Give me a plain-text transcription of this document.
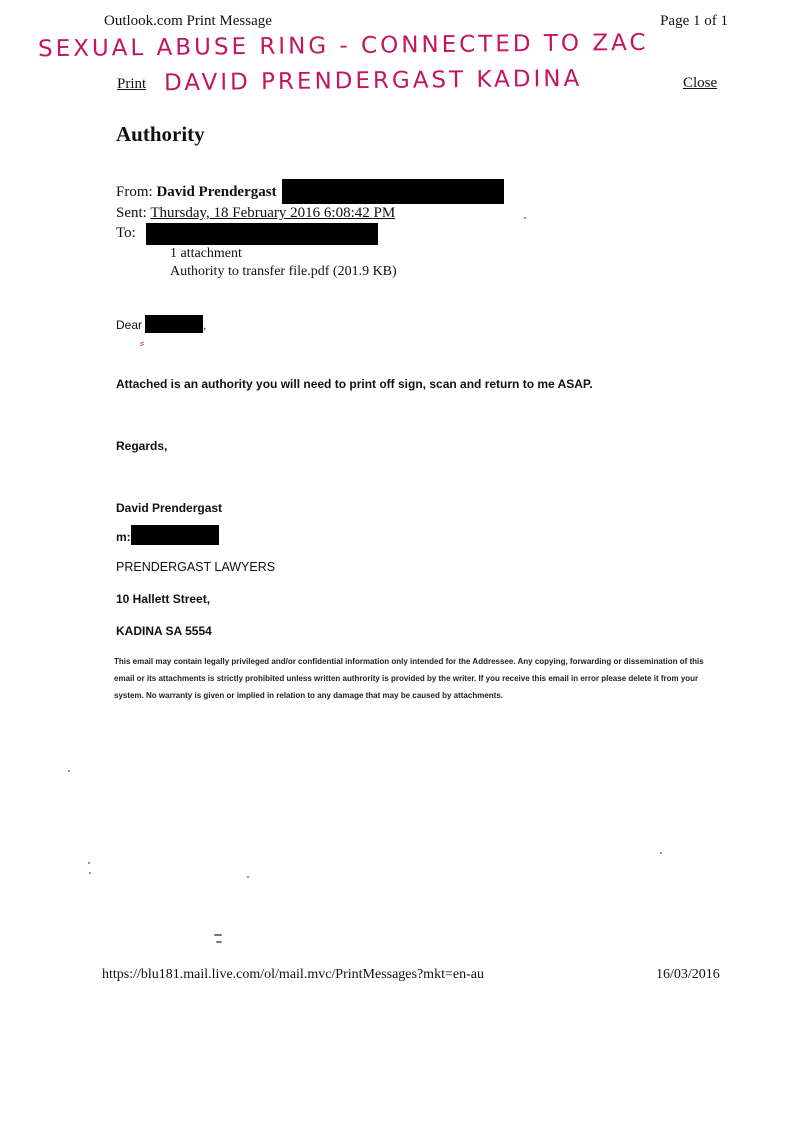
Outlook.com Print Message	Page 1 of 1
SEXUAL ABUSE RING - CONNECTED TO ZAC
DAVID PRENDERGAST KADINA
Print	Close
Authority
From: David Prendergast
Sent: Thursday, 18 February 2016 6:08:42 PM
To:
1 attachment
Authority to transfer file.pdf (201.9 KB)
Dear	,
⸗
Attached is an authority you will need to print off sign, scan and return to me ASAP.
Regards,
David Prendergast
m:
PRENDERGAST LAWYERS
10 Hallett Street,
KADINA SA 5554
This email may contain legally privileged and/or confidential information only intended for the Addressee. Any copying, forwarding or dissemination of this email or its attachments is strictly prohibited unless written authrority is provided by the writer. If you receive this email in error please delete it from your system. No warranty is given or implied in relation to any damage that may be caused by attachments.
https://blu181.mail.live.com/ol/mail.mvc/PrintMessages?mkt=en-au	16/03/2016
